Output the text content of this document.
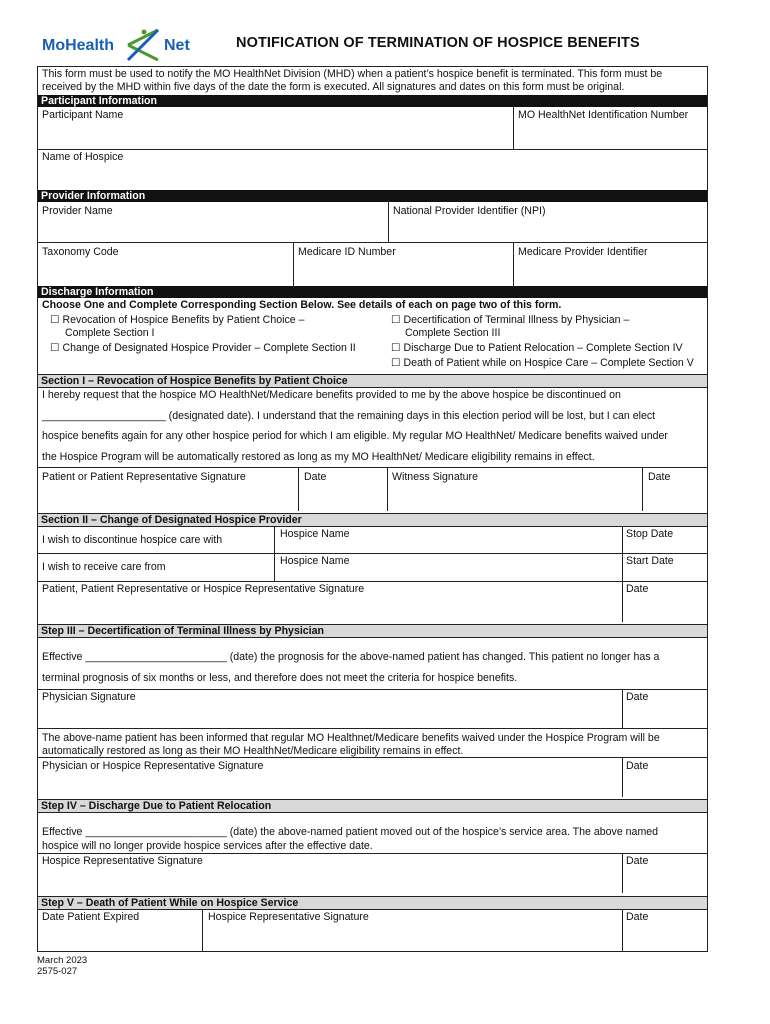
MoHealth	Net	NOTIFICATION OF TERMINATION OF HOSPICE BENEFITS
This form must be used to notify the MO HealthNet Division (MHD) when a patient’s hospice benefit is terminated. This form must be
received by the MHD within five days of the date the form is executed. All signatures and dates on this form must be original.
Participant Information
Participant Name	MO HealthNet Identification Number
Name of Hospice
Provider Information
Provider Name	National Provider Identifier (NPI)
Taxonomy Code	Medicare ID Number	Medicare Provider Identifier
Discharge Information
Choose One and Complete Corresponding Section Below. See details of each on page two of this form.
☐ Revocation of Hospice Benefits by Patient Choice –
Complete Section I
☐ Decertification of Terminal Illness by Physician –
Complete Section III
☐ Change of Designated Hospice Provider – Complete Section II	☐ Discharge Due to Patient Relocation – Complete Section IV
☐ Death of Patient while on Hospice Care – Complete Section V
Section I – Revocation of Hospice Benefits by Patient Choice
I hereby request that the hospice MO HealthNet/Medicare benefits provided to me by the above hospice be discontinued on
_____________________ (designated date). I understand that the remaining days in this election period will be lost, but I can elect
hospice benefits again for any other hospice period for which I am eligible. My regular MO HealthNet/ Medicare benefits waived under
the Hospice Program will be automatically restored as long as my MO HealthNet/ Medicare eligibility remains in effect.
Patient or Patient Representative Signature	Date	Witness Signature	Date
Section II – Change of Designated Hospice Provider
I wish to discontinue hospice care with	Hospice Name	Stop Date
I wish to receive care from	Hospice Name	Start Date
Patient, Patient Representative or Hospice Representative Signature	Date
Step III – Decertification of Terminal Illness by Physician
Effective ________________________ (date) the prognosis for the above-named patient has changed. This patient no longer has a
terminal prognosis of six months or less, and therefore does not meet the criteria for hospice benefits.
Physician Signature	Date
The above-name patient has been informed that regular MO Healthnet/Medicare benefits waived under the Hospice Program will be
automatically restored as long as their MO HealthNet/Medicare eligibility remains in effect.
Physician or Hospice Representative Signature	Date
Step IV – Discharge Due to Patient Relocation
Effective ________________________ (date) the above-named patient moved out of the hospice’s service area. The above named
hospice will no longer provide hospice services after the effective date.
Hospice Representative Signature	Date
Step V – Death of Patient While on Hospice Service
Date Patient Expired	Hospice Representative Signature	Date
March 2023
2575-027
